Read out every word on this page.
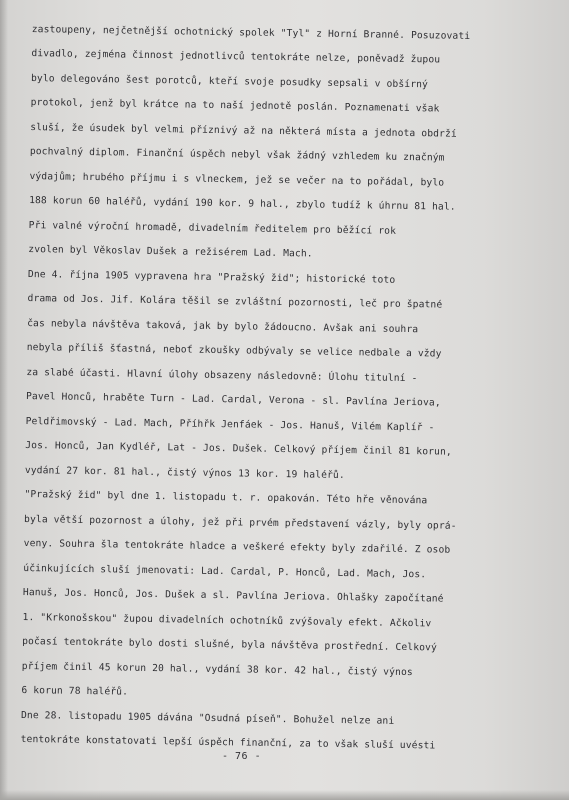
zastoupeny, nejčetnější ochotnický spolek "Tyl" z Horní Branné. Posuzovati
divadlo, zejména činnost jednotlivců tentokráte nelze, poněvadž župou
bylo delegováno šest porotců, kteří svoje posudky sepsali v obšírný
protokol, jenž byl krátce na to naší jednotě poslán. Poznamenati však
sluší, že úsudek byl velmi příznivý až na některá místa a jednota obdrží
pochvalný diplom. Finanční úspěch nebyl však žádný vzhledem ku značným
výdajům; hrubého příjmu i s vlneckem, jež se večer na to pořádal, bylo
188 korun 60 haléřů, vydání 190 kor. 9 hal., zbylo tudíž k úhrnu 81 hal.
Při valné výroční hromadě, divadelním ředitelem pro běžící rok
zvolen byl Věkoslav Dušek a režisérem Lad. Mach.
Dne 4. října 1905 vypravena hra "Pražský žid"; historické toto
drama od Jos. Jif. Kolára těšil se zvláštní pozornosti, leč pro špatné
čas nebyla návštěva taková, jak by bylo žádoucno. Avšak ani souhra
nebyla příliš šťastná, neboť zkoušky odbývaly se velice nedbale a vždy
za slabé účasti. Hlavní úlohy obsazeny následovně: Úlohu titulní -
Pavel Honců, hraběte Turn - Lad. Cardal, Verona - sl. Pavlína Jeriova,
Peldřimovský - Lad. Mach, Příhřk Jenfáek - Jos. Hanuš, Vilém Kaplíř -
Jos. Honců, Jan Kydléř, Lat - Jos. Dušek. Celkový příjem činil 81 korun,
vydání 27 kor. 81 hal., čistý výnos 13 kor. 19 haléřů.
"Pražský žid" byl dne 1. listopadu t. r. opakován. Této hře věnována
byla větší pozornost a úlohy, jež při prvém představení vázly, byly oprá-
veny. Souhra šla tentokráte hladce a veškeré efekty byly zdařilé. Z osob
účinkujících sluší jmenovati: Lad. Cardal, P. Honců, Lad. Mach, Jos.
Hanuš, Jos. Honců, Jos. Dušek a sl. Pavlína Jeriova. Ohlašky započítané
1. "Krkonošskou" župou divadelních ochotníků zvýšovaly efekt. Ačkoliv
počasí tentokráte bylo dosti slušné, byla návštěva prostřední. Celkový
příjem činil 45 korun 20 hal., vydání 38 kor. 42 hal., čistý výnos
6 korun 78 haléřů.
Dne 28. listopadu 1905 dávána "Osudná píseň". Bohužel nelze ani
tentokráte konstatovati lepší úspěch finanční, za to však sluší uvésti
- 76 -
